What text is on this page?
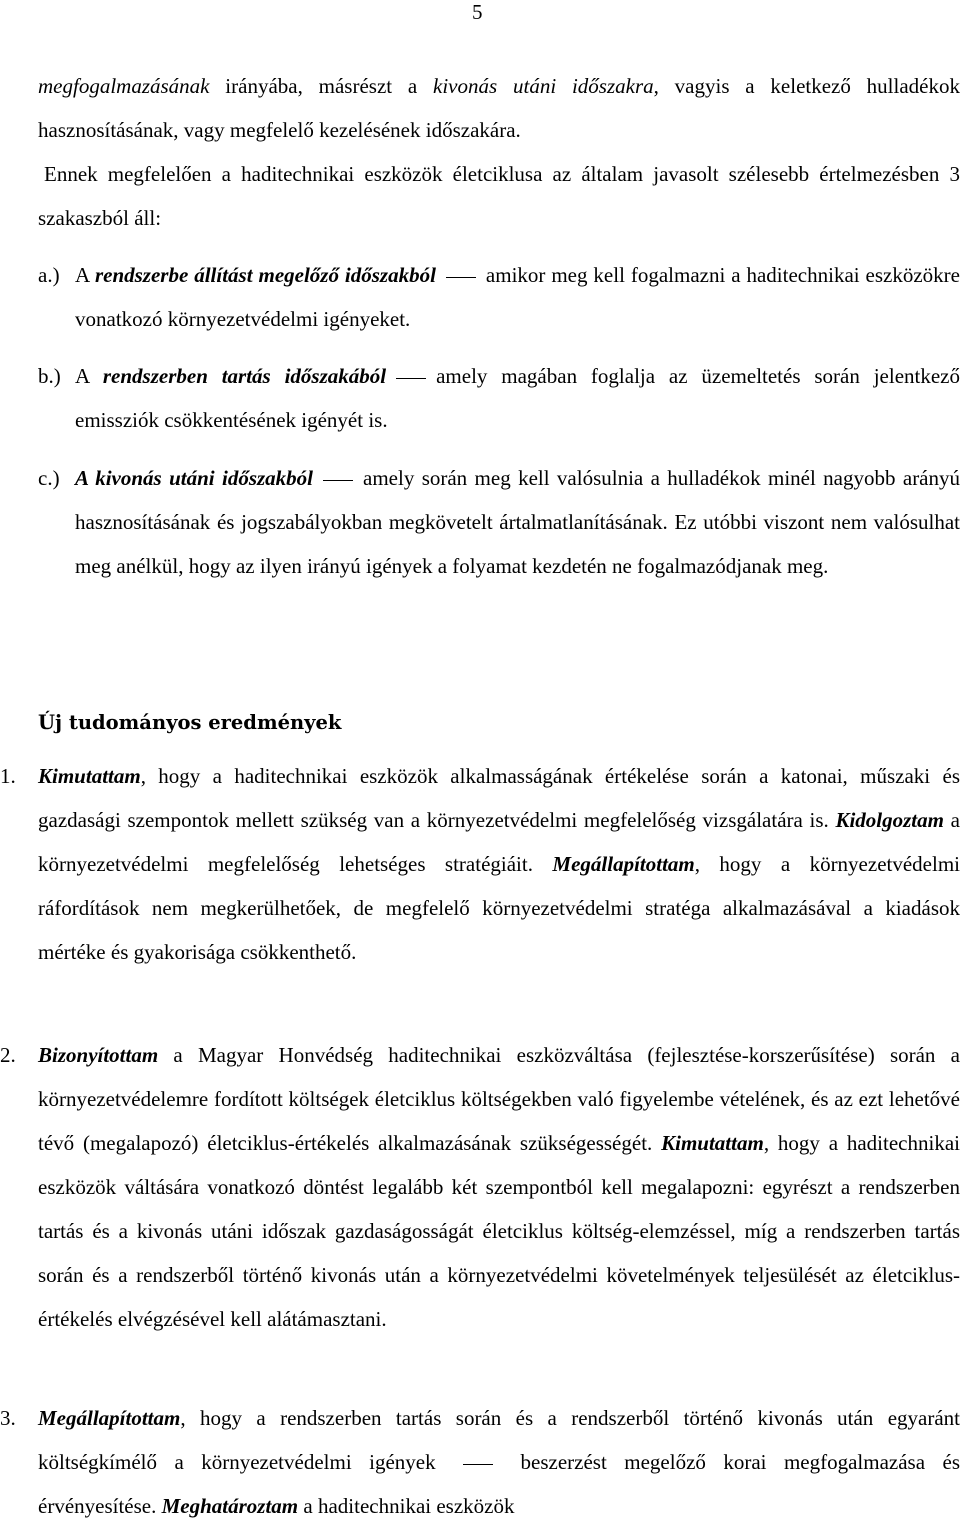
5
megfogalmazásának irányába, másrészt a kivonás utáni időszakra, vagyis a keletkező hulladékok hasznosításának, vagy megfelelő kezelésének időszakára.
Ennek megfelelően a haditechnikai eszközök életciklusa az általam javasolt szélesebb értelmezésben 3 szakaszból áll:
a.) A rendszerbe állítást megelőző időszakból amikor meg kell fogalmazni a haditechnikai eszközökre vonatkozó környezetvédelmi igényeket.
b.) A rendszerben tartás időszakából amely magában foglalja az üzemeltetés során jelentkező emissziók csökkentésének igényét is.
c.) A kivonás utáni időszakból amely során meg kell valósulnia a hulladékok minél nagyobb arányú hasznosításának és jogszabályokban megkövetelt ártalmatlanításának. Ez utóbbi viszont nem valósulhat meg anélkül, hogy az ilyen irányú igények a folyamat kezdetén ne fogalmazódjanak meg.
Új tudományos eredmények
1. Kimutattam, hogy a haditechnikai eszközök alkalmasságának értékelése során a katonai, műszaki és gazdasági szempontok mellett szükség van a környezetvédelmi megfelelőség vizsgálatára is. Kidolgoztam a környezetvédelmi megfelelőség lehetséges stratégiáit. Megállapítottam, hogy a környezetvédelmi ráfordítások nem megkerülhetőek, de megfelelő környezetvédelmi stratéga alkalmazásával a kiadások mértéke és gyakorisága csökkenthető.
2. Bizonyítottam a Magyar Honvédség haditechnikai eszközváltása (fejlesztése-korszerűsítése) során a környezetvédelemre fordított költségek életciklus költségekben való figyelembe vételének, és az ezt lehetővé tévő (megalapozó) életciklus-értékelés alkalmazásának szükségességét. Kimutattam, hogy a haditechnikai eszközök váltására vonatkozó döntést legalább két szempontból kell megalapozni: egyrészt a rendszerben tartás és a kivonás utáni időszak gazdaságosságát életciklus költség-elemzéssel, míg a rendszerben tartás során és a rendszerből történő kivonás után a környezetvédelmi követelmények teljesülését az életciklus-értékelés elvégzésével kell alátámasztani.
3. Megállapítottam, hogy a rendszerben tartás során és a rendszerből történő kivonás után egyaránt költségkímélő a környezetvédelmi igények  beszerzést megelőző korai megfogalmazása és érvényesítése. Meghatároztam a haditechnikai eszközök
